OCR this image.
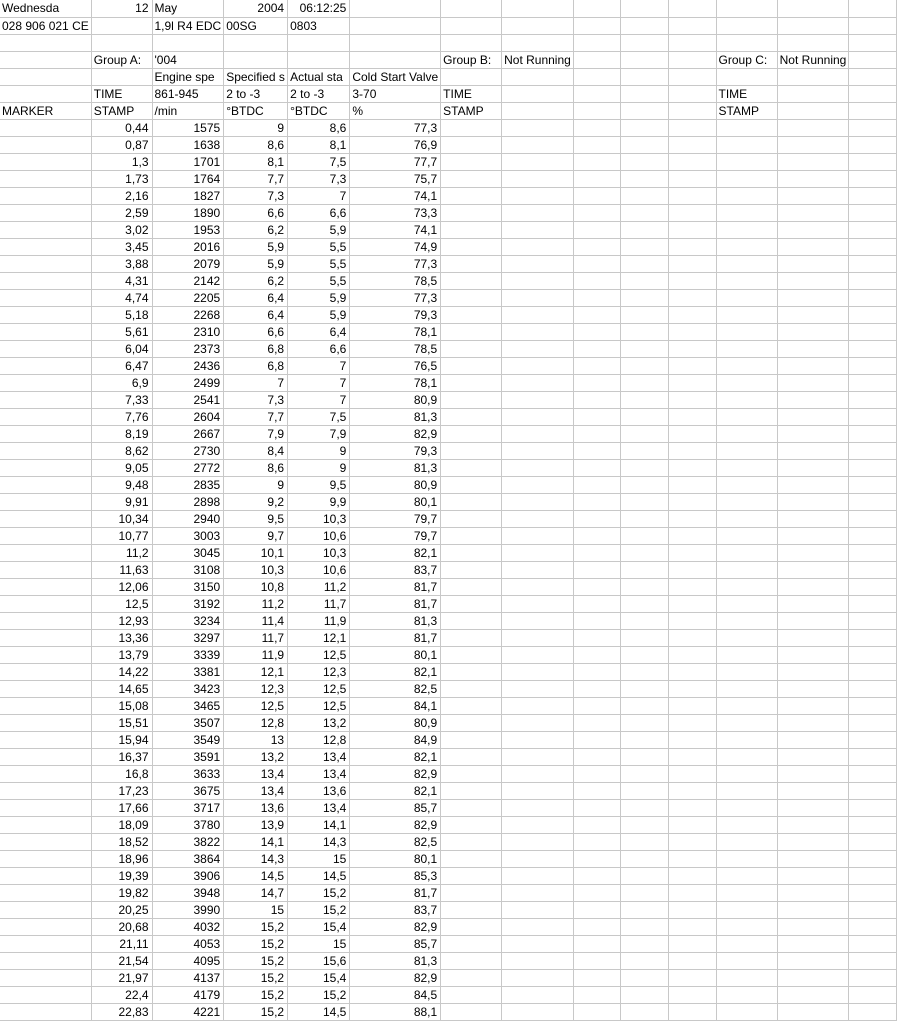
Wednesda	12	May	2004	06:12:25									
028 906 021 CE		1,9l R4 EDC	00SG	0803									

	Group A:	'004				Group B:	Not Running				Group C:	Not Running	
		Engine spe	Specified s	Actual sta	Cold Start Valve								
	TIME	861-945	2 to -3	2 to -3	3-70	TIME					TIME		
MARKER	STAMP	/min	°BTDC	°BTDC	%	STAMP					STAMP		
	0,44	1575	9	8,6	77,3								
	0,87	1638	8,6	8,1	76,9								
	1,3	1701	8,1	7,5	77,7								
	1,73	1764	7,7	7,3	75,7								
	2,16	1827	7,3	7	74,1								
	2,59	1890	6,6	6,6	73,3								
	3,02	1953	6,2	5,9	74,1								
	3,45	2016	5,9	5,5	74,9								
	3,88	2079	5,9	5,5	77,3								
	4,31	2142	6,2	5,5	78,5								
	4,74	2205	6,4	5,9	77,3								
	5,18	2268	6,4	5,9	79,3								
	5,61	2310	6,6	6,4	78,1								
	6,04	2373	6,8	6,6	78,5								
	6,47	2436	6,8	7	76,5								
	6,9	2499	7	7	78,1								
	7,33	2541	7,3	7	80,9								
	7,76	2604	7,7	7,5	81,3								
	8,19	2667	7,9	7,9	82,9								
	8,62	2730	8,4	9	79,3								
	9,05	2772	8,6	9	81,3								
	9,48	2835	9	9,5	80,9								
	9,91	2898	9,2	9,9	80,1								
	10,34	2940	9,5	10,3	79,7								
	10,77	3003	9,7	10,6	79,7								
	11,2	3045	10,1	10,3	82,1								
	11,63	3108	10,3	10,6	83,7								
	12,06	3150	10,8	11,2	81,7								
	12,5	3192	11,2	11,7	81,7								
	12,93	3234	11,4	11,9	81,3								
	13,36	3297	11,7	12,1	81,7								
	13,79	3339	11,9	12,5	80,1								
	14,22	3381	12,1	12,3	82,1								
	14,65	3423	12,3	12,5	82,5								
	15,08	3465	12,5	12,5	84,1								
	15,51	3507	12,8	13,2	80,9								
	15,94	3549	13	12,8	84,9								
	16,37	3591	13,2	13,4	82,1								
	16,8	3633	13,4	13,4	82,9								
	17,23	3675	13,4	13,6	82,1								
	17,66	3717	13,6	13,4	85,7								
	18,09	3780	13,9	14,1	82,9								
	18,52	3822	14,1	14,3	82,5								
	18,96	3864	14,3	15	80,1								
	19,39	3906	14,5	14,5	85,3								
	19,82	3948	14,7	15,2	81,7								
	20,25	3990	15	15,2	83,7								
	20,68	4032	15,2	15,4	82,9								
	21,11	4053	15,2	15	85,7								
	21,54	4095	15,2	15,6	81,3								
	21,97	4137	15,2	15,4	82,9								
	22,4	4179	15,2	15,2	84,5								
	22,83	4221	15,2	14,5	88,1								
